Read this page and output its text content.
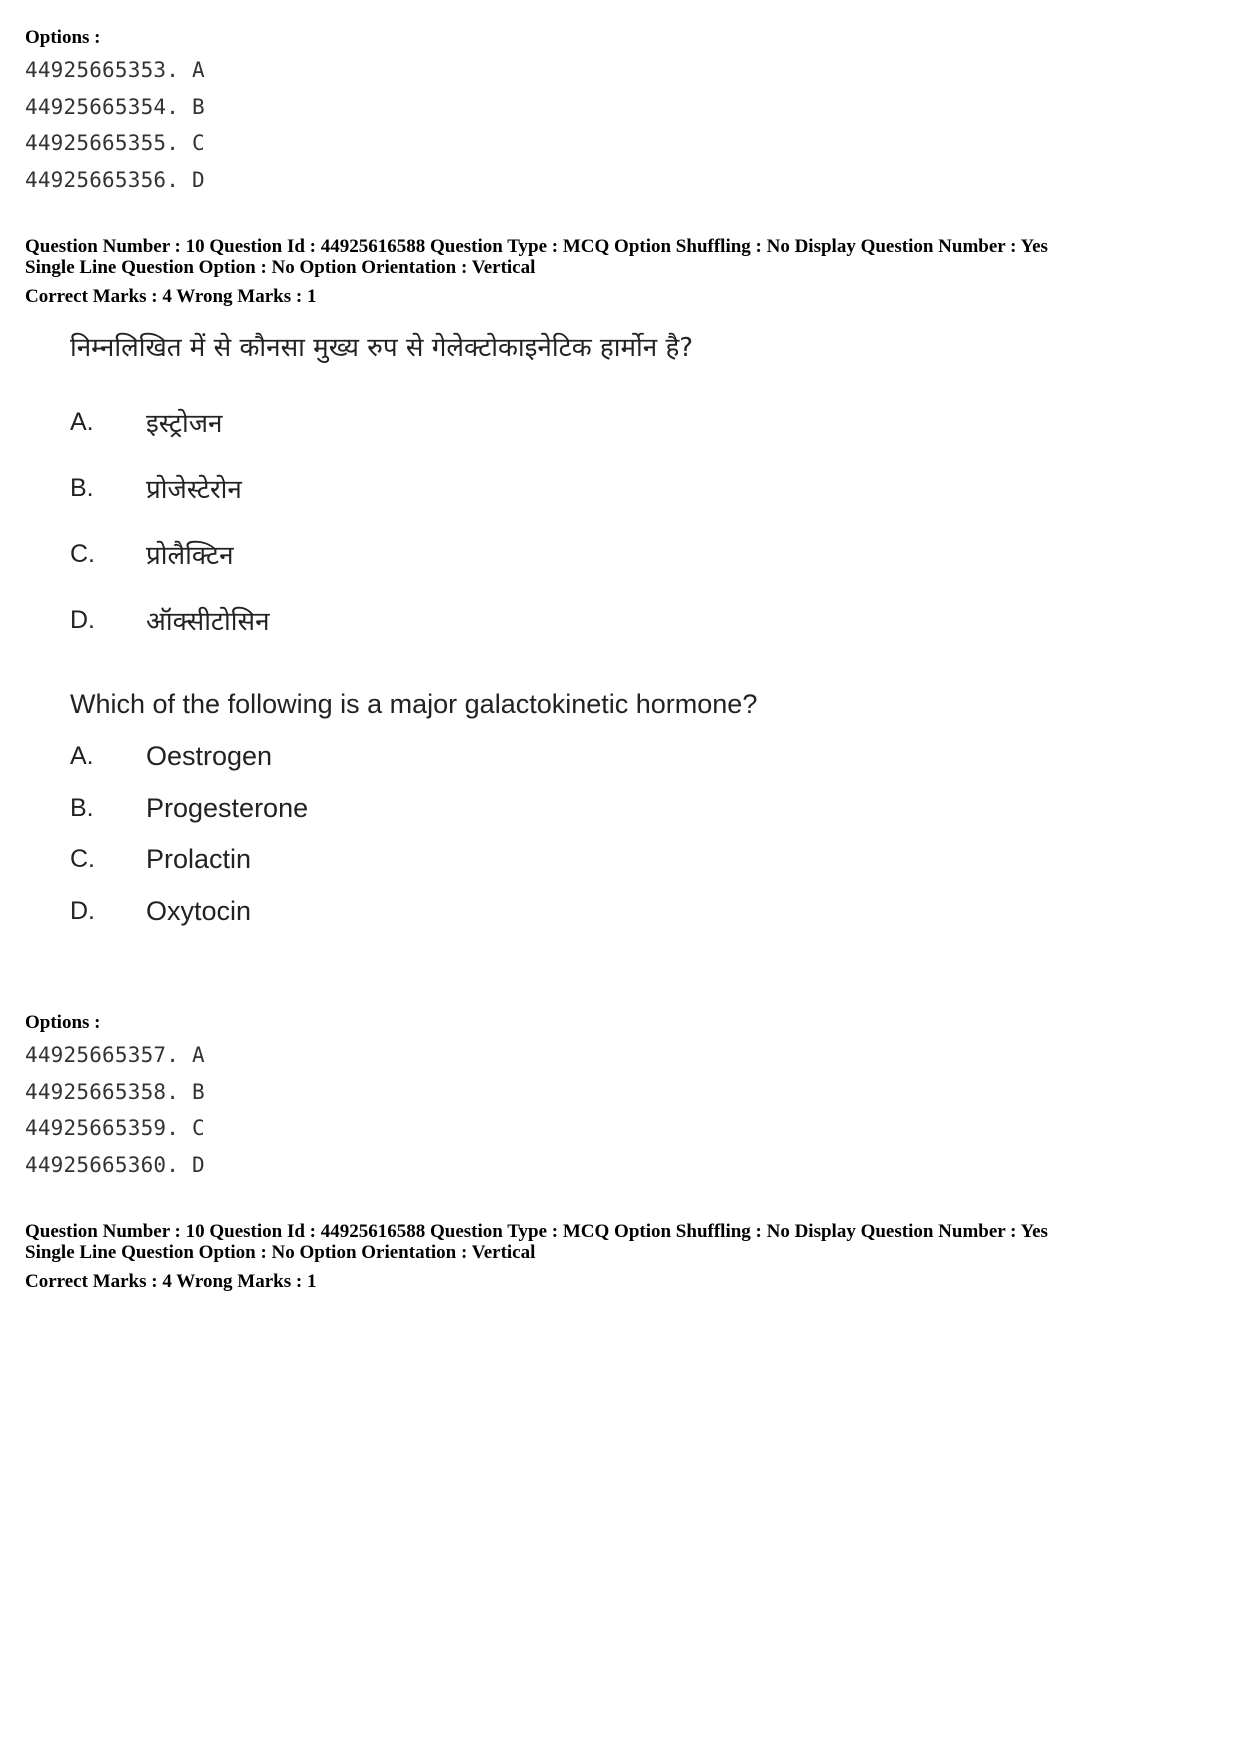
Options :

44925665353. A
44925665354. B
44925665355. C
44925665356. D

Question Number : 10 Question Id : 44925616588 Question Type : MCQ Option Shuffling : No Display Question Number : Yes

Single Line Question Option : No Option Orientation : Vertical

Correct Marks : 4 Wrong Marks : 1

निम्नलिखित में से कौनसा मुख्य रुप से गेलेक्टोकाइनेटिक हार्मोन है?

A.	इस्ट्रोजन
B.	प्रोजेस्टेरोन
C.	प्रोलैक्टिन
D.	ऑक्सीटोसिन

Which of the following is a major galactokinetic hormone?

A.	Oestrogen
B.	Progesterone
C.	Prolactin
D.	Oxytocin

Options :

44925665357. A
44925665358. B
44925665359. C
44925665360. D

Question Number : 10 Question Id : 44925616588 Question Type : MCQ Option Shuffling : No Display Question Number : Yes

Single Line Question Option : No Option Orientation : Vertical

Correct Marks : 4 Wrong Marks : 1
